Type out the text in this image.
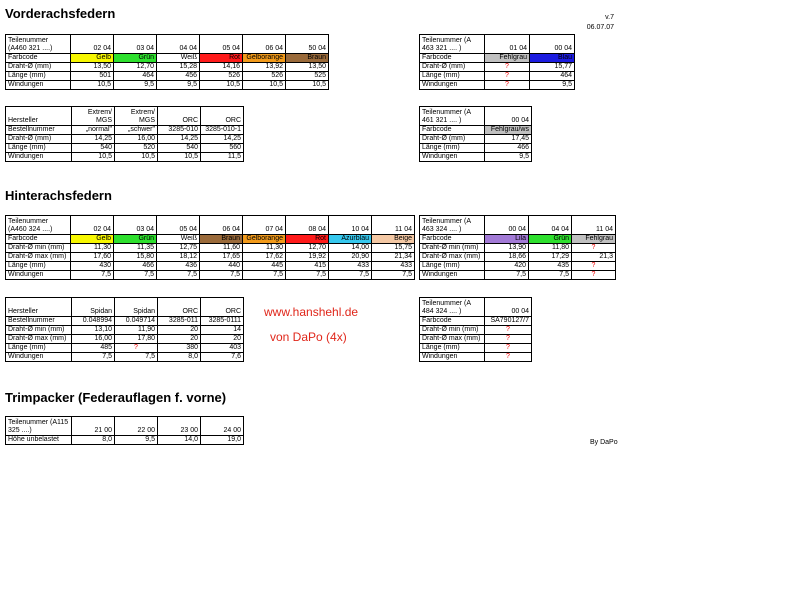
Vorderachsfedern	v.7
06.07.07
Teilenummer (A460 321 ....)	02 04	03 04	04 04	05 04	06 04	50 04
Farbcode	Gelb	Grün	Weiß	Rot	Gelborange	Braun
Draht-Ø (mm)	13,50	12,70	15,28	14,16	13,92	13,50
Länge (mm)	501	464	456	526	526	525
Windungen	10,5	9,5	9,5	10,5	10,5	10,5
Hersteller	Extrem/ MGS	Extrem/ MGS	ORC	ORC
Bestellnummer	„normal"	„schwer"	3285-010	3285-010-1
Draht-Ø (mm)	14,25	16,00	14,25	14,25
Länge (mm)	540	520	540	560
Windungen	10,5	10,5	10,5	11,5
Teilenummer (A 463 321 .... )	01 04	00 04
Farbcode	Fehlgrau	Blau
Draht-Ø (mm)	?	15,77
Länge (mm)	?	464
Windungen	?	9,5
Teilenummer (A 461 321 .... )	00 04
Farbcode	Fehlgrau/ws
Draht-Ø (mm)	17,45
Länge (mm)	466
Windungen	9,5
Hinterachsfedern
Teilenummer (A460 324 ....)	02 04	03 04	05 04	06 04	07 04	08 04	10 04	11 04
Farbcode	Gelb	Grün	Weiß	Braun	Gelborange	Rot	Azurblau	Beige
Draht-Ø min (mm)	11,30	11,35	12,75	11,60	11,30	12,70	14,00	15,75
Draht-Ø max (mm)	17,60	15,80	18,12	17,65	17,62	19,92	20,90	21,34
Länge (mm)	430	466	436	440	445	415	433	433
Windungen	7,5	7,5	7,5	7,5	7,5	7,5	7,5	7,5
Hersteller	Spidan	Spidan	ORC	ORC
Bestellnummer	0.048994	0.049714	3285-011	3285-0111
Draht-Ø min (mm)	13,10	11,90	20	14
Draht-Ø max (mm)	16,00	17,80	20	20
Länge (mm)	485	?	380	403
Windungen	7,5	7,5	8,0	7,6
www.hanshehl.de
von DaPo (4x)
Teilenummer (A 463 324 .... )	00 04	04 04	11 04
Farbcode	Lila	Grün	Fehlgrau
Draht-Ø min (mm)	13,90	11,80	?
Draht-Ø max (mm)	18,66	17,29	21,3
Länge (mm)	420	435	?
Windungen	7,5	7,5	?
Teilenummer (A 484 324 .... )	00 04
Farbcode	SA790127/7
Draht-Ø min (mm)	?
Draht-Ø max (mm)	?
Länge (mm)	?
Windungen	?
Trimpacker (Federauflagen f. vorne)
Teilenummer (A115 325 ....)	21 00	22 00	23 00	24 00
Höhe unbelastet	8,0	9,5	14,0	19,0	By DaPo
